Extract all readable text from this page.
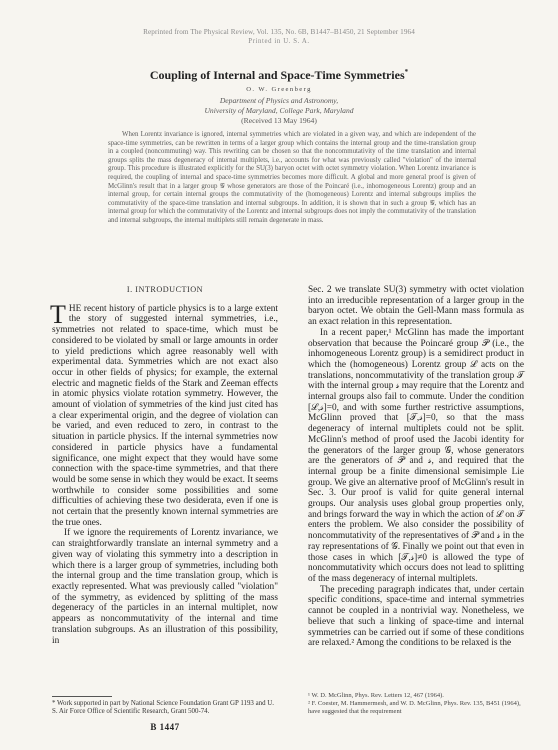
Reprinted from The Physical Review, Vol. 135, No. 6B, B1447–B1450, 21 September 1964
Printed in U. S. A.
Coupling of Internal and Space-Time Symmetries*
O. W. Greenberg
Department of Physics and Astronomy,
University of Maryland, College Park, Maryland
(Received 13 May 1964)
When Lorentz invariance is ignored, internal symmetries which are violated in a given way, and which are independent of the space-time symmetries, can be rewritten in terms of a larger group which contains the internal group and the time-translation group in a coupled (noncommuting) way. This rewriting can be chosen so that the noncommutativity of the time translation and internal groups splits the mass degeneracy of internal multiplets, i.e., accounts for what was previously called "violation" of the internal group. This procedure is illustrated explicitly for the SU(3) baryon octet with octet symmetry violation. When Lorentz invariance is required, the coupling of internal and space-time symmetries becomes more difficult. A global and more general proof is given of McGlinn's result that in a larger group 𝒢 whose generators are those of the Poincaré (i.e., inhomogeneous Lorentz) group and an internal group, for certain internal groups the commutativity of the (homogeneous) Lorentz and internal subgroups implies the commutativity of the space-time translation and internal subgroups. In addition, it is shown that in such a group 𝒢, which has an internal group for which the commutativity of the Lorentz and internal subgroups does not imply the commutativity of the translation and internal subgroups, the internal multiplets still remain degenerate in mass.
I. INTRODUCTION

THE recent history of particle physics is to a large extent the story of suggested internal symmetries, i.e., symmetries not related to space-time, which must be considered to be violated by small or large amounts in order to yield predictions which agree reasonably well with experimental data. Symmetries which are not exact also occur in other fields of physics; for example, the external electric and magnetic fields of the Stark and Zeeman effects in atomic physics violate rotation symmetry. However, the amount of violation of symmetries of the kind just cited has a clear experimental origin, and the degree of violation can be varied, and even reduced to zero, in contrast to the situation in particle physics. If the internal symmetries now considered in particle physics have a fundamental significance, one might expect that they would have some connection with the space-time symmetries, and that there would be some sense in which they would be exact. It seems worthwhile to consider some possibilities and some difficulties of achieving these two desiderata, even if one is not certain that the presently known internal symmetries are the true ones.

If we ignore the requirements of Lorentz invariance, we can straightforwardly translate an internal symmetry and a given way of violating this symmetry into a description in which there is a larger group of symmetries, including both the internal group and the time translation group, which is exactly represented. What was previously called "violation" of the symmetry, as evidenced by splitting of the mass degeneracy of the particles in an internal multiplet, now appears as noncommutativity of the internal and time translation subgroups. As an illustration of this possibility, in

* Work supported in part by National Science Foundation Grant GP 1193 and U. S. Air Force Office of Scientific Research, Grant 500-74.
B 1447

Sec. 2 we translate SU(3) symmetry with octet violation into an irreducible representation of a larger group in the baryon octet. We obtain the Gell-Mann mass formula as an exact relation in this representation.

In a recent paper,¹ McGlinn has made the important observation that because the Poincaré group 𝒫 (i.e., the inhomogeneous Lorentz group) is a semidirect product in which the (homogeneous) Lorentz group ℒ acts on the translations, noncommutativity of the translation group 𝒯 with the internal group 𝓈 may require that the Lorentz and internal groups also fail to commute. Under the condition [ℒ,𝓈]=0, and with some further restrictive assumptions, McGlinn proved that [𝒯,𝓈]=0, so that the mass degeneracy of internal multiplets could not be split. McGlinn's method of proof used the Jacobi identity for the generators of the larger group 𝒢, whose generators are the generators of 𝒫 and 𝓈, and required that the internal group be a finite dimensional semisimple Lie group. We give an alternative proof of McGlinn's result in Sec. 3. Our proof is valid for quite general internal groups. Our analysis uses global group properties only, and brings forward the way in which the action of ℒ on 𝒯 enters the problem. We also consider the possibility of noncommutativity of the representatives of 𝒫 and 𝓈 in the ray representations of 𝒢. Finally we point out that even in those cases in which [𝒯,𝓈]≠0 is allowed the type of noncommutativity which occurs does not lead to splitting of the mass degeneracy of internal multiplets.

The preceding paragraph indicates that, under certain specific conditions, space-time and internal symmetries cannot be coupled in a nontrivial way. Nonetheless, we believe that such a linking of space-time and internal symmetries can be carried out if some of these conditions are relaxed.² Among the conditions to be relaxed is the

¹ W. D. McGlinn, Phys. Rev. Letters 12, 467 (1964).
² F. Coester, M. Hammermesh, and W. D. McGlinn, Phys. Rev. 135, B451 (1964), have suggested that the requirement
